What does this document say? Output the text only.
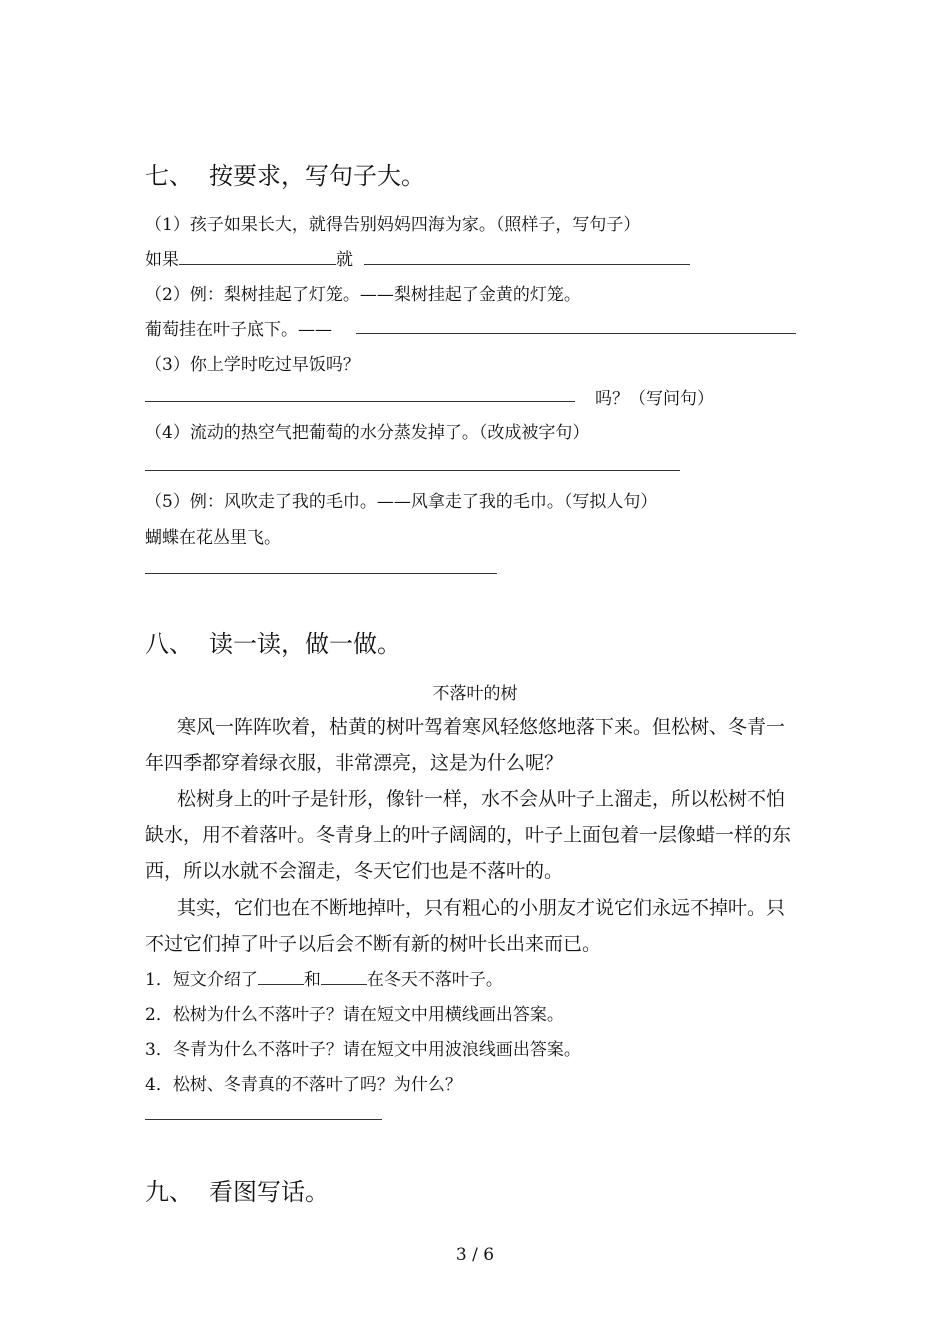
七、 按要求，写句子大。
（1）孩子如果长大，就得告别妈妈四海为家。（照样子，写句子）
如果	就
（2）例：梨树挂起了灯笼。——梨树挂起了金黄的灯笼。
葡萄挂在叶子底下。——
（3）你上学时吃过早饭吗？
吗？（写问句）
（4）流动的热空气把葡萄的水分蒸发掉了。（改成被字句）
（5）例：风吹走了我的毛巾。——风拿走了我的毛巾。（写拟人句）
蝴蝶在花丛里飞。
八、 读一读，做一做。
不落叶的树
寒风一阵阵吹着，枯黄的树叶驾着寒风轻悠悠地落下来。但松树、冬青一
年四季都穿着绿衣服，非常漂亮，这是为什么呢？
松树身上的叶子是针形，像针一样，水不会从叶子上溜走，所以松树不怕
缺水，用不着落叶。冬青身上的叶子阔阔的，叶子上面包着一层像蜡一样的东
西，所以水就不会溜走，冬天它们也是不落叶的。
其实，它们也在不断地掉叶，只有粗心的小朋友才说它们永远不掉叶。只
不过它们掉了叶子以后会不断有新的树叶长出来而已。
1．短文介绍了	和	在冬天不落叶子。
2．松树为什么不落叶子？请在短文中用横线画出答案。
3．冬青为什么不落叶子？请在短文中用波浪线画出答案。
4．松树、冬青真的不落叶了吗？为什么？
九、 看图写话。
3 / 6
